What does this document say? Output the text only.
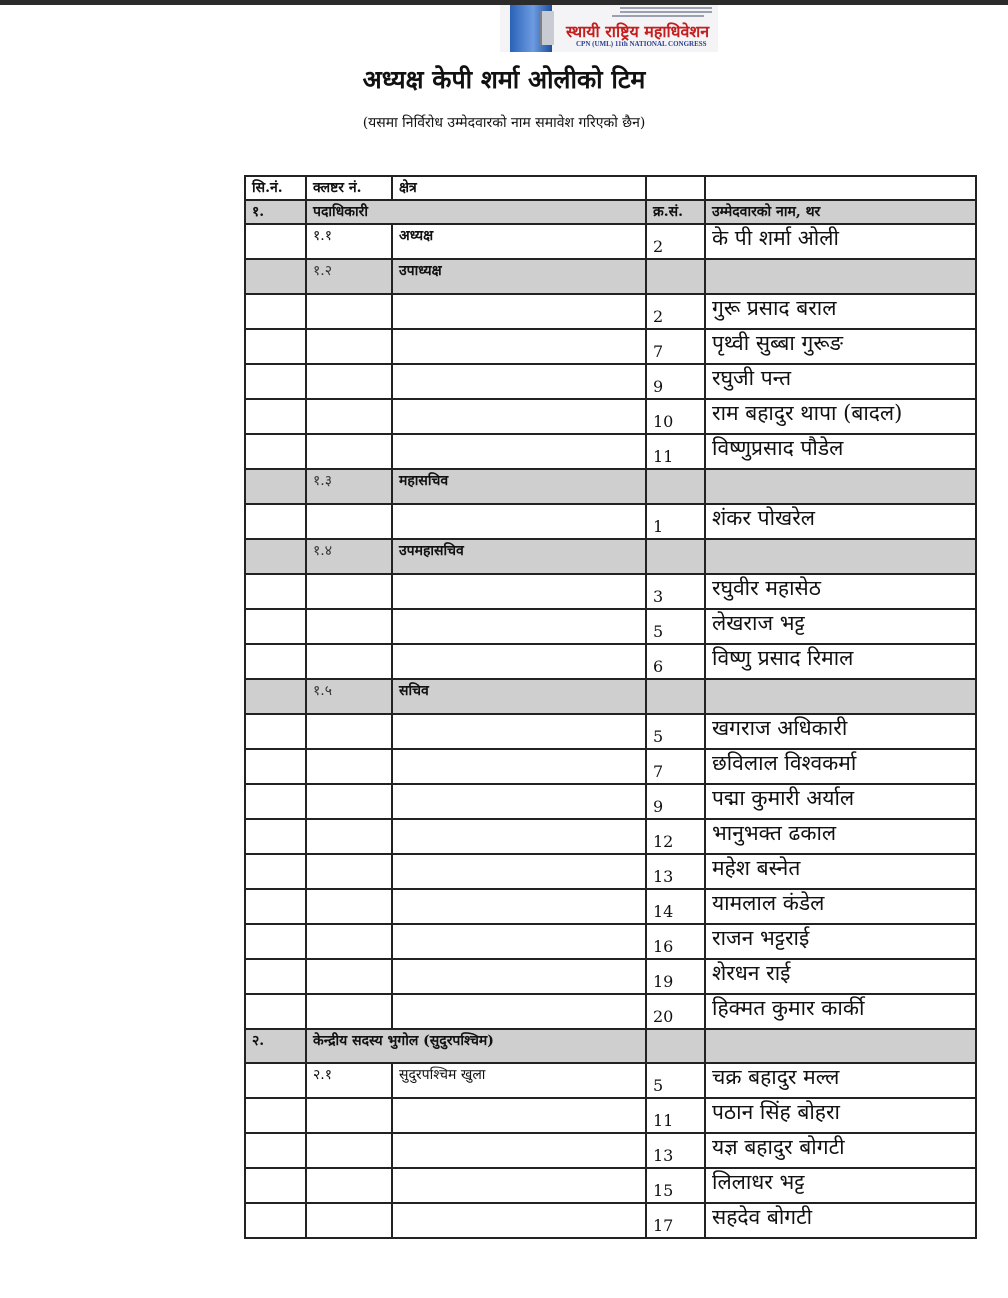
स्थायी राष्ट्रिय महाधिवेशन
CPN (UML) 11th NATIONAL CONGRESS
अध्यक्ष केपी शर्मा ओलीको टिम
(यसमा निर्विरोध उम्मेदवारको नाम समावेश गरिएको छैन)
सि.नं.	क्लष्टर नं.	क्षेत्र		
१.	पदाधिकारी		क्र.सं.	उम्मेदवारको नाम, थर
	१.१	अध्यक्ष	2	के पी शर्मा ओली
	१.२	उपाध्यक्ष		
			2	गुरू प्रसाद बराल
			7	पृथ्वी सुब्बा गुरूङ
			9	रघुजी पन्त
			10	राम बहादुर थापा (बादल)
			11	विष्णुप्रसाद पौडेल
	१.३	महासचिव		
			1	शंकर पोखरेल
	१.४	उपमहासचिव		
			3	रघुवीर महासेठ
			5	लेखराज भट्ट
			6	विष्णु प्रसाद रिमाल
	१.५	सचिव		
			5	खगराज अधिकारी
			7	छविलाल विश्वकर्मा
			9	पद्मा कुमारी अर्याल
			12	भानुभक्त ढकाल
			13	महेश बस्नेत
			14	यामलाल कंडेल
			16	राजन भट्टराई
			19	शेरधन राई
			20	हिक्मत कुमार कार्की
२.	केन्द्रीय सदस्य भुगोल (सुदुरपश्चिम)			
	२.१	सुदुरपश्चिम खुला	5	चक्र बहादुर मल्ल
			11	पठान सिंह बोहरा
			13	यज्ञ बहादुर बोगटी
			15	लिलाधर भट्ट
			17	सहदेव बोगटी
